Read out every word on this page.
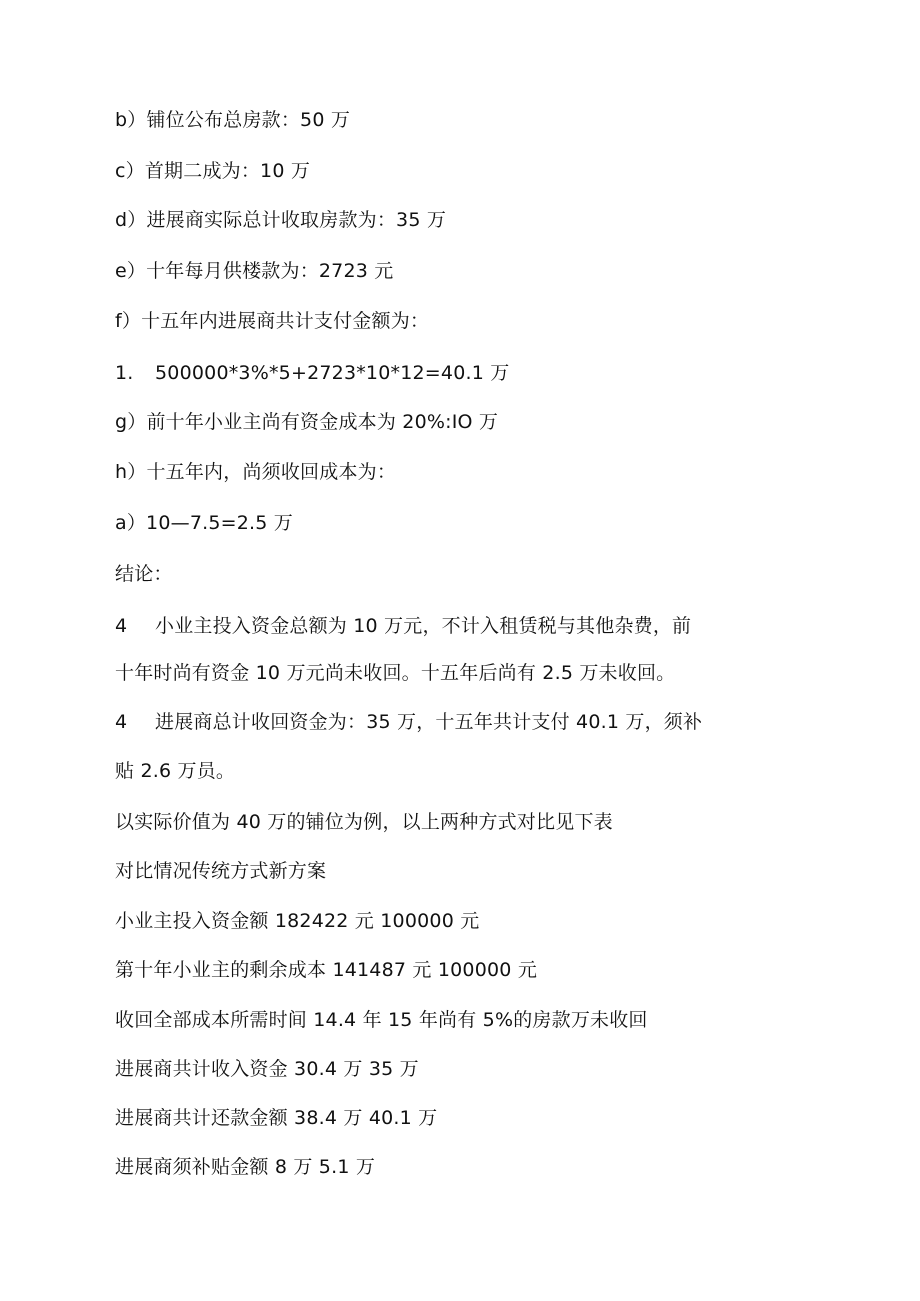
b）铺位公布总房款：50 万
c）首期二成为：10 万
d）进展商实际总计收取房款为：35 万
e）十年每月供楼款为：2723 元
f）十五年内进展商共计支付金额为：
1. 500000*3%*5+2723*10*12=40.1 万
g）前十年小业主尚有资金成本为 20%:IO 万
h）十五年内，尚须收回成本为：
a）10—7.5=2.5 万
结论：
4 小业主投入资金总额为 10 万元，不计入租赁税与其他杂费，前
十年时尚有资金 10 万元尚未收回。十五年后尚有 2.5 万未收回。
4 进展商总计收回资金为：35 万，十五年共计支付 40.1 万，须补
贴 2.6 万员。
以实际价值为 40 万的铺位为例，以上两种方式对比见下表
对比情况传统方式新方案
小业主投入资金额 182422 元 100000 元
第十年小业主的剩余成本 141487 元 100000 元
收回全部成本所需时间 14.4 年 15 年尚有 5%的房款万未收回
进展商共计收入资金 30.4 万 35 万
进展商共计还款金额 38.4 万 40.1 万
进展商须补贴金额 8 万 5.1 万
